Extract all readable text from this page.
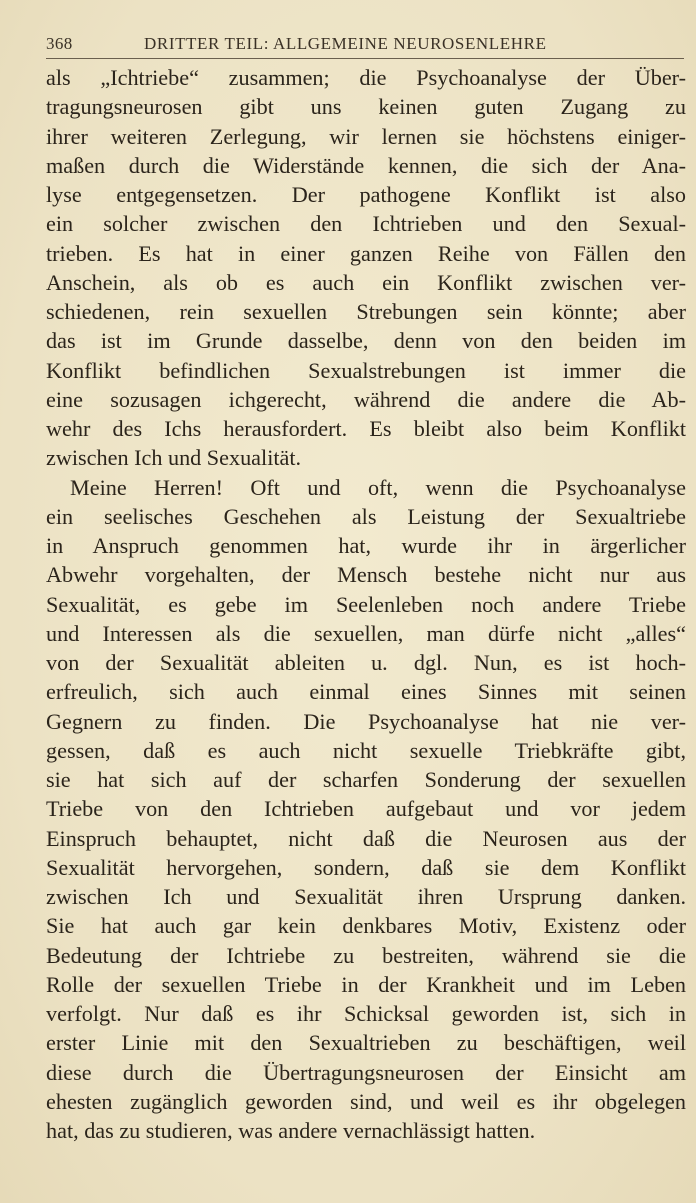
368	DRITTER TEIL: ALLGEMEINE NEUROSENLEHRE
als „Ichtriebe“ zusammen; die Psychoanalyse der Über-
tragungsneurosen gibt uns keinen guten Zugang zu
ihrer weiteren Zerlegung, wir lernen sie höchstens einiger-
maßen durch die Widerstände kennen, die sich der Ana-
lyse entgegensetzen. Der pathogene Konflikt ist also
ein solcher zwischen den Ichtrieben und den Sexual-
trieben. Es hat in einer ganzen Reihe von Fällen den
Anschein, als ob es auch ein Konflikt zwischen ver-
schiedenen, rein sexuellen Strebungen sein könnte; aber
das ist im Grunde dasselbe, denn von den beiden im
Konflikt befindlichen Sexualstrebungen ist immer die
eine sozusagen ichgerecht, während die andere die Ab-
wehr des Ichs herausfordert. Es bleibt also beim Konflikt
zwischen Ich und Sexualität.
Meine Herren! Oft und oft, wenn die Psychoanalyse
ein seelisches Geschehen als Leistung der Sexualtriebe
in Anspruch genommen hat, wurde ihr in ärgerlicher
Abwehr vorgehalten, der Mensch bestehe nicht nur aus
Sexualität, es gebe im Seelenleben noch andere Triebe
und Interessen als die sexuellen, man dürfe nicht „alles“
von der Sexualität ableiten u. dgl. Nun, es ist hoch-
erfreulich, sich auch einmal eines Sinnes mit seinen
Gegnern zu finden. Die Psychoanalyse hat nie ver-
gessen, daß es auch nicht sexuelle Triebkräfte gibt,
sie hat sich auf der scharfen Sonderung der sexuellen
Triebe von den Ichtrieben aufgebaut und vor jedem
Einspruch behauptet, nicht daß die Neurosen aus der
Sexualität hervorgehen, sondern, daß sie dem Konflikt
zwischen Ich und Sexualität ihren Ursprung danken.
Sie hat auch gar kein denkbares Motiv, Existenz oder
Bedeutung der Ichtriebe zu bestreiten, während sie die
Rolle der sexuellen Triebe in der Krankheit und im Leben
verfolgt. Nur daß es ihr Schicksal geworden ist, sich in
erster Linie mit den Sexualtrieben zu beschäftigen, weil
diese durch die Übertragungsneurosen der Einsicht am
ehesten zugänglich geworden sind, und weil es ihr obgelegen
hat, das zu studieren, was andere vernachlässigt hatten.
